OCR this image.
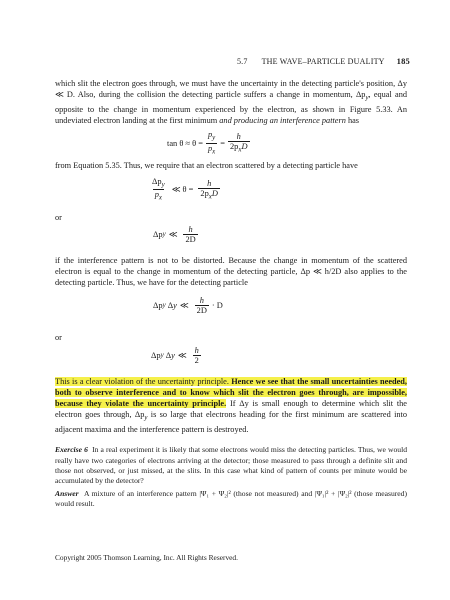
5.7 THE WAVE–PARTICLE DUALITY 185

which slit the electron goes through, we must have the uncertainty in the detecting particle's position, Δy ≪ D. Also, during the collision the detecting particle suffers a change in momentum, $\Delta p_y$, equal and opposite to the change in momentum experienced by the electron, as shown in Figure 5.33. An undeviated electron landing at the first minimum and producing an interference pattern has

$\tan \theta \approx \theta = \frac{p_y}{p_x} = \frac{h}{2p_xD}$

from Equation 5.35. Thus, we require that an electron scattered by a detecting particle have

$\frac{\Delta p_y}{p_x}$ ≪ $\theta = \frac{h}{2p_xD}$

or

Δp y ≪ $\frac{h}{2D}$

if the interference pattern is not to be distorted. Because the change in momentum of the scattered electron is equal to the change in momentum of the detecting particle, Δp ≪ h/2D also applies to the detecting particle. Thus, we have for the detecting particle

Δp y Δ y ≪ $\frac{h}{2D} \cdot D$

or

Δp y Δ y ≪ $\frac{h}{2}$

This is a clear violation of the uncertainty principle. Hence we see that the small uncertainties needed, both to observe interference and to know which slit the electron goes through, are impossible, because they violate the uncertainty principle. If Δy is small enough to determine which slit the electron goes through, $\Delta p_y$ is so large that electrons heading for the first minimum are scattered into adjacent maxima and the interference pattern is destroyed.

Exercise 6 In a real experiment it is likely that some electrons would miss the detecting particles. Thus, we would really have two categories of electrons arriving at the detector; those measured to pass through a definite slit and those not observed, or just missed, at the slits. In this case what kind of pattern of counts per minute would be accumulated by the detector?

Answer A mixture of an interference pattern |Ψ₁ + Ψ₂|² (those not measured) and |Ψ₁|² + |Ψ₂|² (those measured) would result.

Copyright 2005 Thomson Learning, Inc. All Rights Reserved.
